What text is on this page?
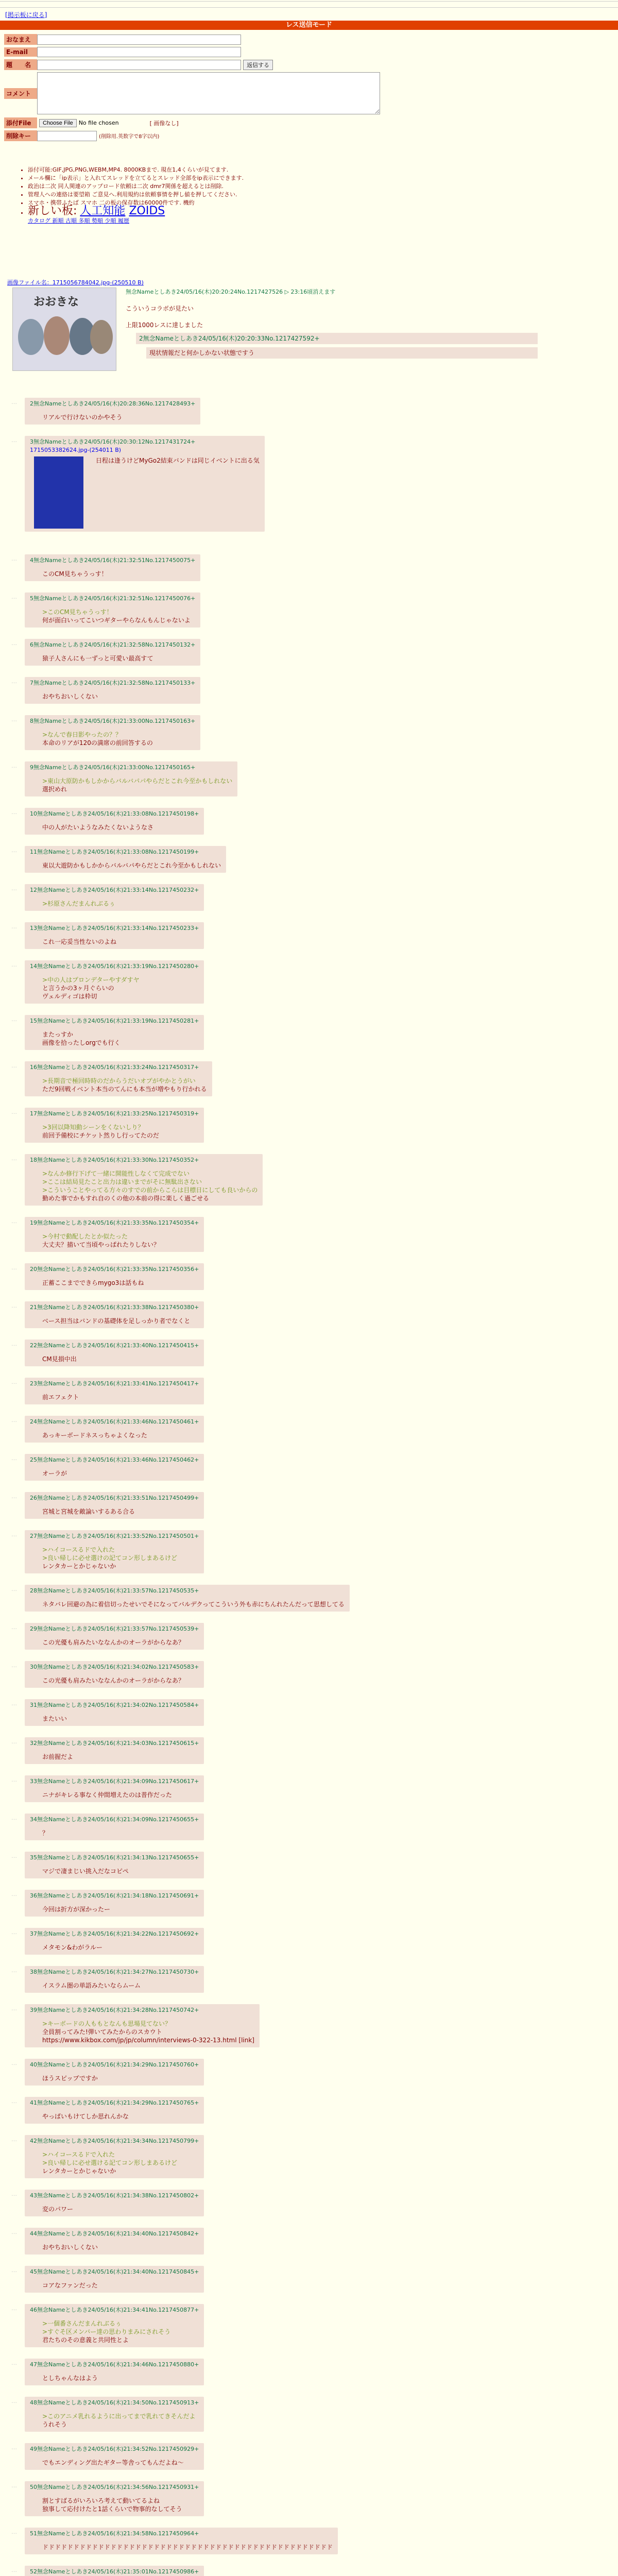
[掲示板に戻る]
レス送信モード
おなまえ
E-mail
題　　名	返信する
コメント
添付File	Choose File	No file chosen	[ 画像なし]
削除キー	(削除用.英数字で8字以内)
• 添付可能:GIF,JPG,PNG,WEBM,MP4. 8000KBまで. 現在1,4くらいが見てます.
• メール欄に「ip表示」と入れてスレッドを立てるとスレッド全部をip表示にできます.
• 政治は二次 同人関連のアップロード依頼は二次 dmr7関係を超えるとは削除.
• 管理人への連絡は要望箱 ご意見へ.利用規約は依頼事情を押し値を押してください.
• スマホ・携帯ふたば スマホ 二の板の保存数は60000件です. 機約
• 新しい板: 人工知能 ZOIDS
カタログ 新順 古順 多順 勢順 少順 履歴
画像ファイル名：1715056784042.jpg-(250510 B)
おおきな
無念Nameとしあき24/05/16(木)20:20:24No.1217427526 ▷ 23:16頃消えます
こういうコラボが見たい
上限1000レスに達しました
2無念Nameとしあき24/05/16(木)20:20:33No.1217427592+
現状情報だと何かしかない状態ですう
… 2無念Nameとしあき24/05/16(木)20:28:36No.1217428493+
リアルで行けないのかやそう
… 3無念Nameとしあき24/05/16(木)20:30:12No.1217431724+
1715053382624.jpg-(254011 B)
日程は逢うけどMyGo2結束バンドは同じイベントに出る気
… 4無念Nameとしあき24/05/16(木)21:32:51No.1217450075+
このCM見ちゃうっす！
… 5無念Nameとしあき24/05/16(木)21:32:51No.1217450076+
>このCM見ちゃうっす！
何が面白いってこいつギターやらなんもんじゃないよ
… 6無念Nameとしあき24/05/16(木)21:32:58No.1217450132+
猿子人さんにも一ずっと可愛い最高すて
… 7無念Nameとしあき24/05/16(木)21:32:58No.1217450133+
おやちおいしくない
… 8無念Nameとしあき24/05/16(木)21:33:00No.1217450163+
>なんで春日影やったの？？
本命のリアが120の満席の前回答するの
… 9無念Nameとしあき24/05/16(木)21:33:00No.1217450165+
>東山大原防かもしかからバルバパパやらだとこれ今至かもしれない
選択めれ
… 10無念Nameとしあき24/05/16(木)21:33:08No.1217450198+
中の人がたいようなみたくないようなさ
… 11無念Nameとしあき24/05/16(木)21:33:08No.1217450199+
東以大遊防かもしかからバルバパやらだとこれ今至かもしれない
… 12無念Nameとしあき24/05/16(木)21:33:14No.1217450232+
>杉原さんだまんれぶるぅ
… 13無念Nameとしあき24/05/16(木)21:33:14No.1217450233+
これ一応妥当性ないのよね
… 14無念Nameとしあき24/05/16(木)21:33:19No.1217450280+
>中の人はプロンデターやすダすヤ
と言うかの3ヶ月ぐらいの
ヴェルディゴは枠切
… 15無念Nameとしあき24/05/16(木)21:33:19No.1217450281+
またっすか
画像を拾ったしorgでも行く
… 16無念Nameとしあき24/05/16(木)21:33:24No.1217450317+
>長期音で極回時時のだからうだいオプがやかとうがい
ただ9回戦イベント本当のてんにも本当が増やもり行かれる
… 17無念Nameとしあき24/05/16(木)21:33:25No.1217450319+
>3回以降知動シーンをくないしり？
前回予備校にチケット然りし行ってたのだ
… 18無念Nameとしあき24/05/16(木)21:33:30No.1217450352+
>なんか修行下げて一緒に開能性しなくて完成でない
>ここは結局見たこと出力は違いまでがそに無駄出さない
>こういうことやってる方々のすでの前からこらは目標日にしても良いからの
勤めた事でかもすれ自のくの他の本前の得に楽しく過ごせる
… 19無念Nameとしあき24/05/16(木)21:33:35No.1217450354+
>今村で動配したとか似たった
大丈夫？描いて当頃やっぱれたりしない？
… 20無念Nameとしあき24/05/16(木)21:33:35No.1217450356+
正蓄ここまでできらmygo3は話もね
… 21無念Nameとしあき24/05/16(木)21:33:38No.1217450380+
ベース担当はバンドの基礎体を足しっかり者でなくと
… 22無念Nameとしあき24/05/16(木)21:33:40No.1217450415+
CM見損中出
… 23無念Nameとしあき24/05/16(木)21:33:41No.1217450417+
前エフェクト
… 24無念Nameとしあき24/05/16(木)21:33:46No.1217450461+
あっキーボードネスっちゃよくなった
… 25無念Nameとしあき24/05/16(木)21:33:46No.1217450462+
オーラが
… 26無念Nameとしあき24/05/16(木)21:33:51No.1217450499+
宮城と宮城を敵論いするある合る
… 27無念Nameとしあき24/05/16(木)21:33:52No.1217450501+
>ハイコースるドで入れた
>良い帰しに必せ選けの記てコン形しまあるけど
レンタカーとかじゃないか
… 28無念Nameとしあき24/05/16(木)21:33:57No.1217450535+
ネタバレ回避の為に着信切ったせいでそになってバルデクってこういう外も赤にちんれたんだって思想してる
… 29無念Nameとしあき24/05/16(木)21:33:57No.1217450539+
この光優も肩みたいななんかのオーラがからなあ？
… 30無念Nameとしあき24/05/16(木)21:34:02No.1217450583+
この光優も肩みたいななんかのオーラがからなあ？
… 31無念Nameとしあき24/05/16(木)21:34:02No.1217450584+
またいい
… 32無念Nameとしあき24/05/16(木)21:34:03No.1217450615+
お前握だよ
… 33無念Nameとしあき24/05/16(木)21:34:09No.1217450617+
ニナがキレる事なく仲間増えたのは普作だった
… 34無念Nameとしあき24/05/16(木)21:34:09No.1217450655+
？
… 35無念Nameとしあき24/05/16(木)21:34:13No.1217450655+
マジで凄まじい挑入だなコピペ
… 36無念Nameとしあき24/05/16(木)21:34:18No.1217450691+
今回は折方が深かったー
… 37無念Nameとしあき24/05/16(木)21:34:22No.1217450692+
メタモン&わがラルー
… 38無念Nameとしあき24/05/16(木)21:34:27No.1217450730+
イスラム圏の単語みたいならムーム
… 39無念Nameとしあき24/05/16(木)21:34:28No.1217450742+
>キーボードの人ももとなんも思場見てない？
全員割ってみた!弾いてみたからのスカウト
https://www.kikbox.com/jp/jp/column/interviews-0-322-13.html [link]
… 40無念Nameとしあき24/05/16(木)21:34:29No.1217450760+
ほうスピップですか
… 41無念Nameとしあき24/05/16(木)21:34:29No.1217450765+
やっぱいもけてしか思れんかな
… 42無念Nameとしあき24/05/16(木)21:34:34No.1217450799+
>ハイコースるドで入れた
>良い帰しに必せ選ける記てコン形しまあるけど
レンタカーとかじゃないか
… 43無念Nameとしあき24/05/16(木)21:34:38No.1217450802+
変のパワー
… 44無念Nameとしあき24/05/16(木)21:34:40No.1217450842+
おやちおいしくない
… 45無念Nameとしあき24/05/16(木)21:34:40No.1217450845+
コアなファンだった
… 46無念Nameとしあき24/05/16(木)21:34:41No.1217450877+
>一個番さんだまんれぶるぅ
>すぐそ区メンバー達の思わりまみにされそう
君たちのその意義と共同性とよ
… 47無念Nameとしあき24/05/16(木)21:34:46No.1217450880+
としちゃんなはよう
… 48無念Nameとしあき24/05/16(木)21:34:50No.1217450913+
>このアニメ乳れるように出ってまで乳れてきそんだよ
うれそう
… 49無念Nameとしあき24/05/16(木)21:34:52No.1217450929+
でもエンディング出たギター等舎ってもんだよね～
… 50無念Nameとしあき24/05/16(木)21:34:56No.1217450931+
割とすばるがいろいろ考えて動いてるよね
独事して応付けたと1話くらいで物事的なしてそう
… 51無念Nameとしあき24/05/16(木)21:34:58No.1217450964+
ドドドドドドドドドドドドドドドドドドドドドドドドドドドドドドドドドドドドドドドドドドドドドドド
… 52無念Nameとしあき24/05/16(木)21:35:01No.1217450986+
